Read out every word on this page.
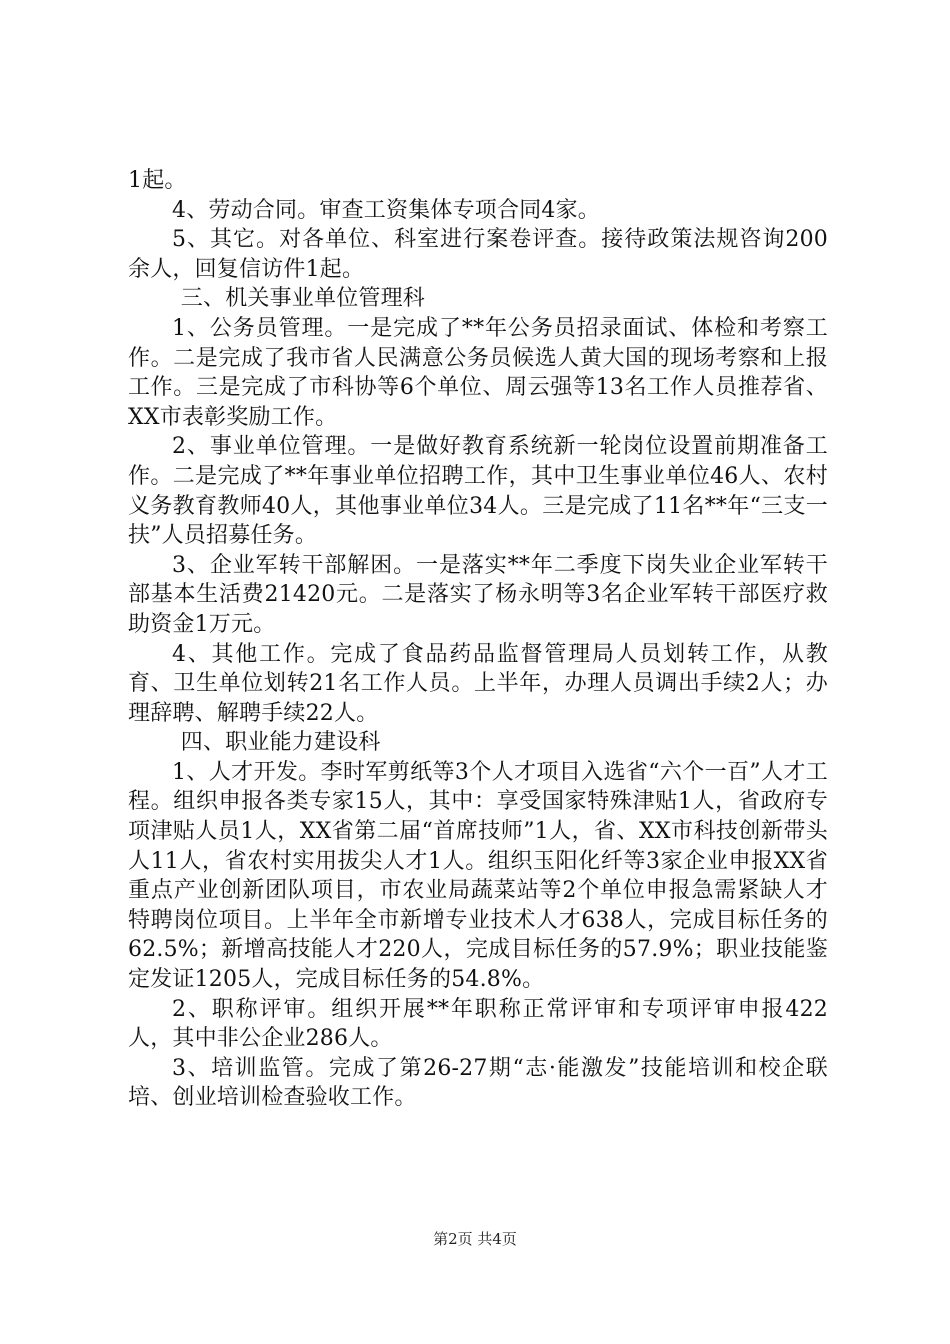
1起。

4、劳动合同。审查工资集体专项合同4家。

5、其它。对各单位、科室进行案卷评查。接待政策法规咨询200余人，回复信访件1起。

三、机关事业单位管理科

1、公务员管理。一是完成了**年公务员招录面试、体检和考察工作。二是完成了我市省人民满意公务员候选人黄大国的现场考察和上报工作。三是完成了市科协等6个单位、周云强等13名工作人员推荐省、XX市表彰奖励工作。

2、事业单位管理。一是做好教育系统新一轮岗位设置前期准备工作。二是完成了**年事业单位招聘工作，其中卫生事业单位46人、农村义务教育教师40人，其他事业单位34人。三是完成了11名**年“三支一扶”人员招募任务。

3、企业军转干部解困。一是落实**年二季度下岗失业企业军转干部基本生活费21420元。二是落实了杨永明等3名企业军转干部医疗救助资金1万元。

4、其他工作。完成了食品药品监督管理局人员划转工作，从教育、卫生单位划转21名工作人员。上半年，办理人员调出手续2人；办理辞聘、解聘手续22人。

四、职业能力建设科

1、人才开发。李时军剪纸等3个人才项目入选省“六个一百”人才工程。组织申报各类专家15人，其中：享受国家特殊津贴1人，省政府专项津贴人员1人，XX省第二届“首席技师”1人，省、XX市科技创新带头人11人，省农村实用拔尖人才1人。组织玉阳化纤等3家企业申报XX省重点产业创新团队项目，市农业局蔬菜站等2个单位申报急需紧缺人才特聘岗位项目。上半年全市新增专业技术人才638人，完成目标任务的62.5%；新增高技能人才220人，完成目标任务的57.9%；职业技能鉴定发证1205人，完成目标任务的54.8%。

2、职称评审。组织开展**年职称正常评审和专项评审申报422人，其中非公企业286人。

3、培训监管。完成了第26-27期“志·能激发”技能培训和校企联培、创业培训检查验收工作。

第2页 共4页
